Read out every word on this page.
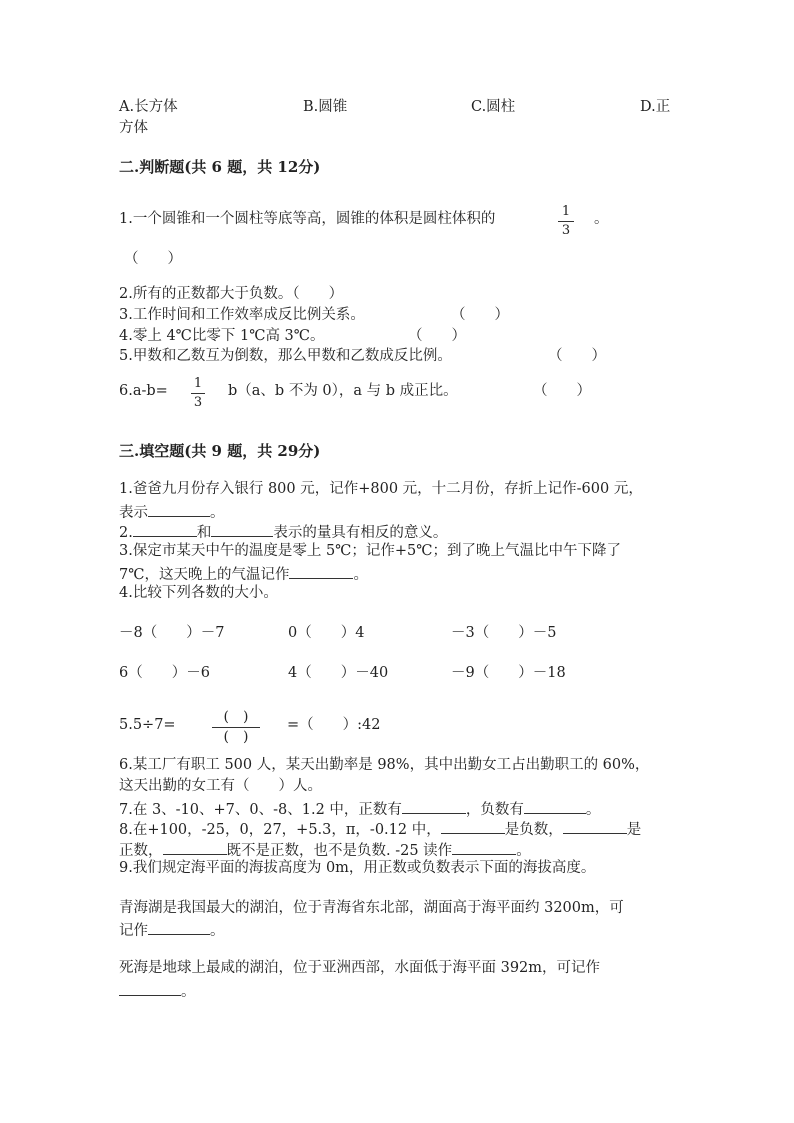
A.长方体	B.圆锥	C.圆柱	D.正
方体
二.判断题(共 6 题，共 12分)
1.一个圆锥和一个圆柱等底等高，圆锥的体积是圆柱体积的	1
3
。
（　　）
2.所有的正数都大于负数。（　　）
3.工作时间和工作效率成反比例关系。	（　　）
4.零上 4℃比零下 1℃高 3℃。	（　　）
5.甲数和乙数互为倒数，那么甲数和乙数成反比例。	（　　）
6.a-b= 1
3
b（a、b 不为 0），a 与 b 成正比。	（　　）
三.填空题(共 9 题，共 29分)
1.爸爸九月份存入银行 800 元，记作+800 元，十二月份，存折上记作-600 元，
表示	。
2.	和	表示的量具有相反的意义。
3.保定市某天中午的温度是零上 5℃；记作+5℃；到了晚上气温比中午下降了
7℃，这天晚上的气温记作	。
4.比较下列各数的大小。
－8（　　）－7	0（　　）4	－3（　　）－5
6（　　）－6	4（　　）－40	－9（　　）－18
5.5÷7=	(　)
(　)
=（　　）:42
6.某工厂有职工 500 人，某天出勤率是 98%，其中出勤女工占出勤职工的 60%，
这天出勤的女工有（　　）人。
7.在 3、-10、+7、0、-8、1.2 中，正数有	，负数有	。
8.在+100，-25，0，27，+5.3，π，-0.12 中，	是负数，	是
正数，	既不是正数，也不是负数. -25 读作	。
9.我们规定海平面的海拔高度为 0m，用正数或负数表示下面的海拔高度。
青海湖是我国最大的湖泊，位于青海省东北部，湖面高于海平面约 3200m，可
记作	。
死海是地球上最咸的湖泊，位于亚洲西部，水面低于海平面 392m，可记作
。
